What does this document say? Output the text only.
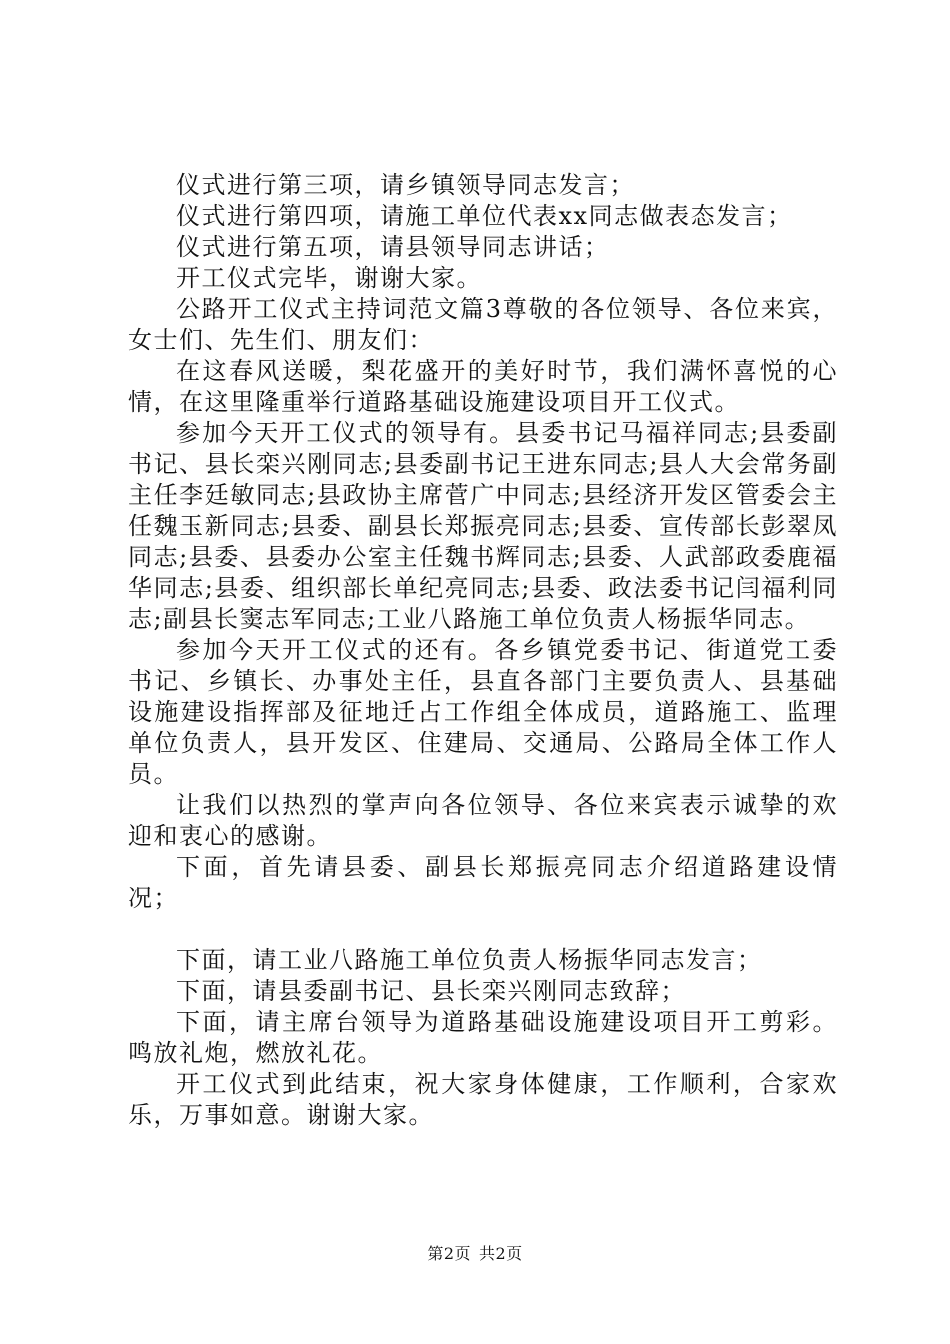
仪式进行第三项，请乡镇领导同志发言；

仪式进行第四项，请施工单位代表xx同志做表态发言；

仪式进行第五项，请县领导同志讲话；

开工仪式完毕，谢谢大家。

公路开工仪式主持词范文篇3尊敬的各位领导、各位来宾，女士们、先生们、朋友们：

在这春风送暖，梨花盛开的美好时节，我们满怀喜悦的心情，在这里隆重举行道路基础设施建设项目开工仪式。

参加今天开工仪式的领导有。县委书记马福祥同志;县委副书记、县长栾兴刚同志;县委副书记王进东同志;县人大会常务副主任李廷敏同志;县政协主席菅广中同志;县经济开发区管委会主任魏玉新同志;县委、副县长郑振亮同志;县委、宣传部长彭翠凤同志;县委、县委办公室主任魏书辉同志;县委、人武部政委鹿福华同志;县委、组织部长单纪亮同志;县委、政法委书记闫福利同志;副县长窦志军同志;工业八路施工单位负责人杨振华同志。

参加今天开工仪式的还有。各乡镇党委书记、街道党工委书记、乡镇长、办事处主任，县直各部门主要负责人、县基础设施建设指挥部及征地迁占工作组全体成员，道路施工、监理单位负责人，县开发区、住建局、交通局、公路局全体工作人员。

让我们以热烈的掌声向各位领导、各位来宾表示诚挚的欢迎和衷心的感谢。

下面，首先请县委、副县长郑振亮同志介绍道路建设情况；

下面，请工业八路施工单位负责人杨振华同志发言；

下面，请县委副书记、县长栾兴刚同志致辞；

下面，请主席台领导为道路基础设施建设项目开工剪彩。鸣放礼炮，燃放礼花。

开工仪式到此结束，祝大家身体健康，工作顺利，合家欢乐，万事如意。谢谢大家。

第2页 共2页
